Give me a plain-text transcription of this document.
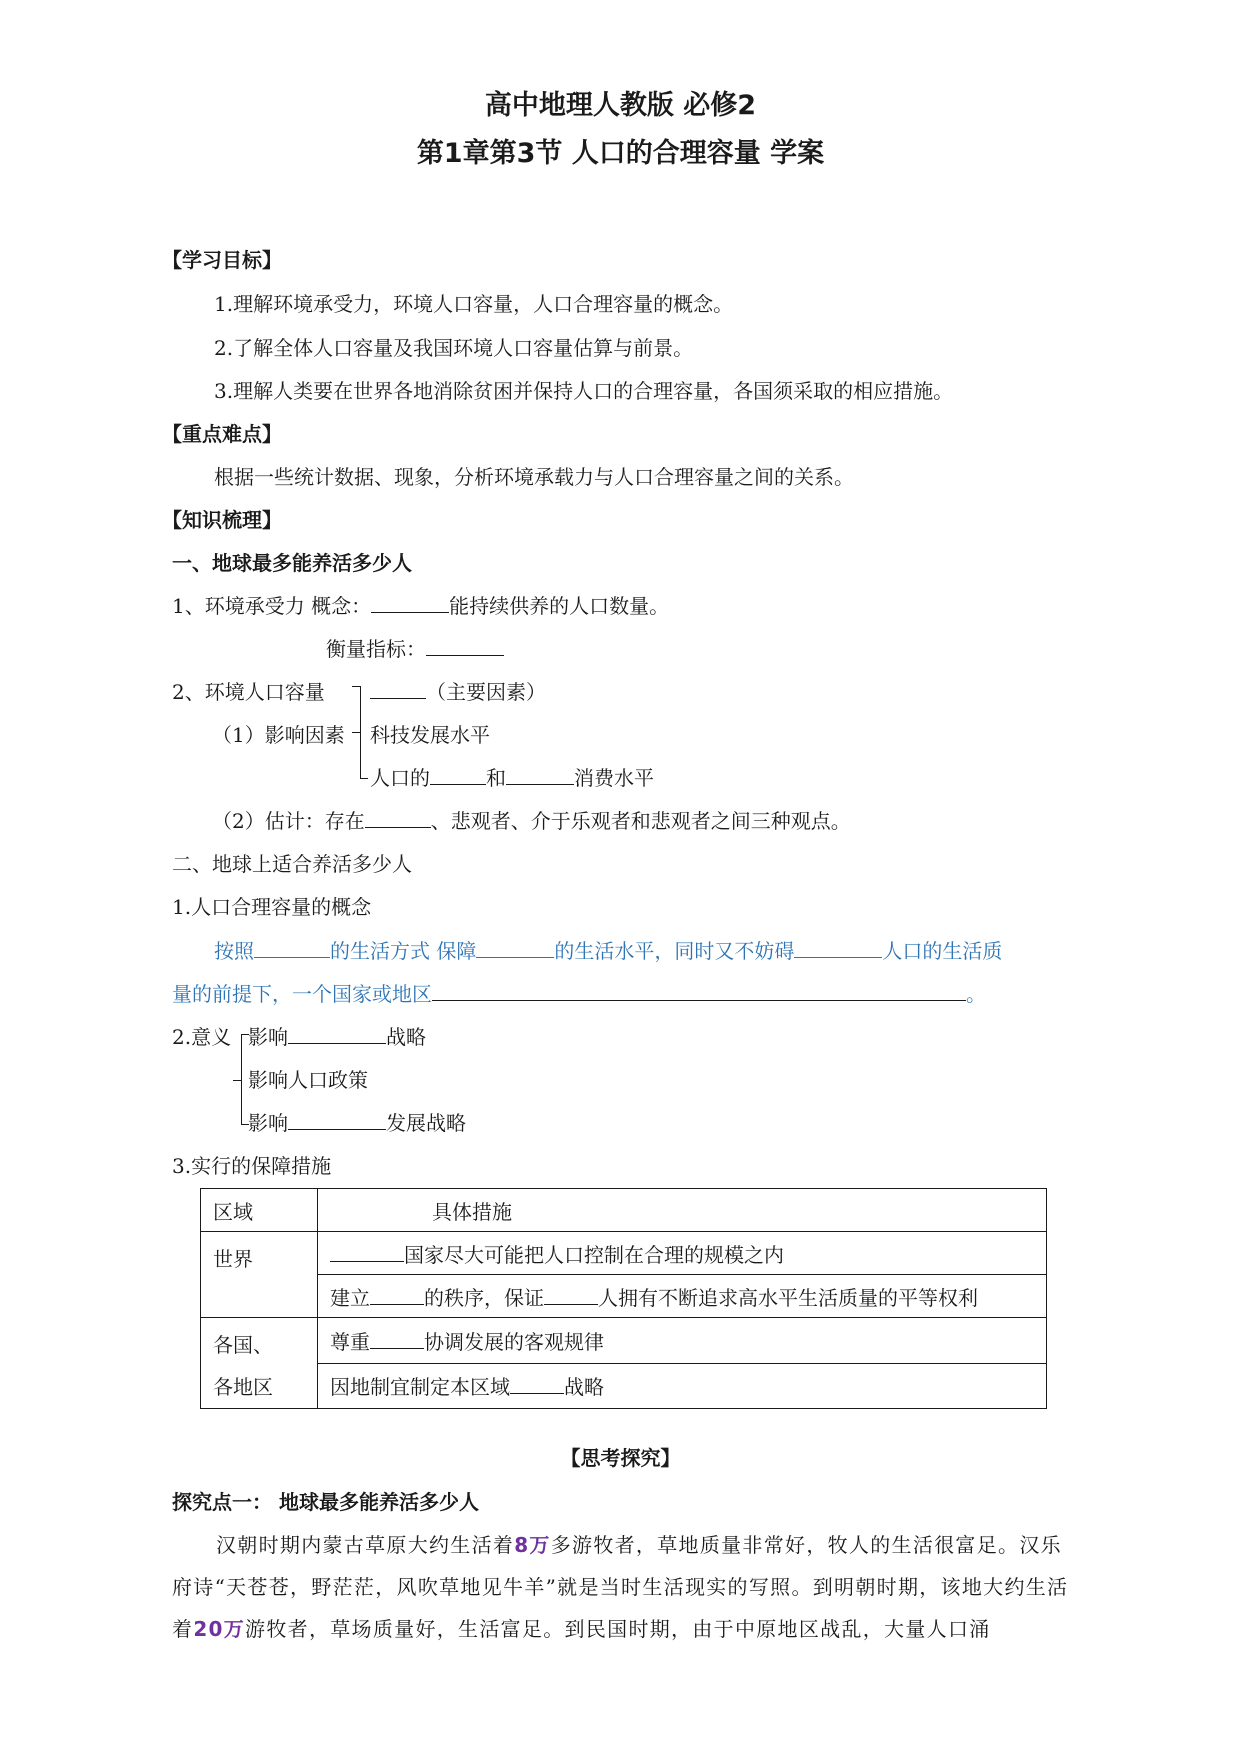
高中地理人教版 必修2
第1章第3节 人口的合理容量 学案
【学习目标】
1.理解环境承受力，环境人口容量，人口合理容量的概念。
2.了解全体人口容量及我国环境人口容量估算与前景。
3.理解人类要在世界各地消除贫困并保持人口的合理容量，各国须采取的相应措施。
【重点难点】
根据一些统计数据、现象，分析环境承载力与人口合理容量之间的关系。
【知识梳理】
一、地球最多能养活多少人
1、环境承受力 概念：	能持续供养的人口数量。
衡量指标：
2、环境人口容量
（1）影响因素
（主要因素）
科技发展水平
人口的	和	消费水平
（2）估计：存在	、悲观者、介于乐观者和悲观者之间三种观点。
二、地球上适合养活多少人
1.人口合理容量的概念
按照	的生活方式 保障	的生活水平，同时又不妨碍	人口的生活质
量的前提下，一个国家或地区	。
2.意义 影响	战略
影响人口政策
影响	发展战略
3.实行的保障措施
区域	具体措施
世界	国家尽大可能把人口控制在合理的规模之内
	建立 的秩序，保证 人拥有不断追求高水平生活质量的平等权利
各国、
各地区	尊重 协调发展的客观规律
	因地制宜制定本区域 战略
【思考探究】
探究点一： 地球最多能养活多少人
汉朝时期内蒙古草原大约生活着8万多游牧者，草地质量非常好，牧人的生活很富足。汉乐府诗“天苍苍，野茫茫，风吹草地见牛羊”就是当时生活现实的写照。到明朝时期，该地大约生活着20万游牧者，草场质量好，生活富足。到民国时期，由于中原地区战乱，大量人口涌
